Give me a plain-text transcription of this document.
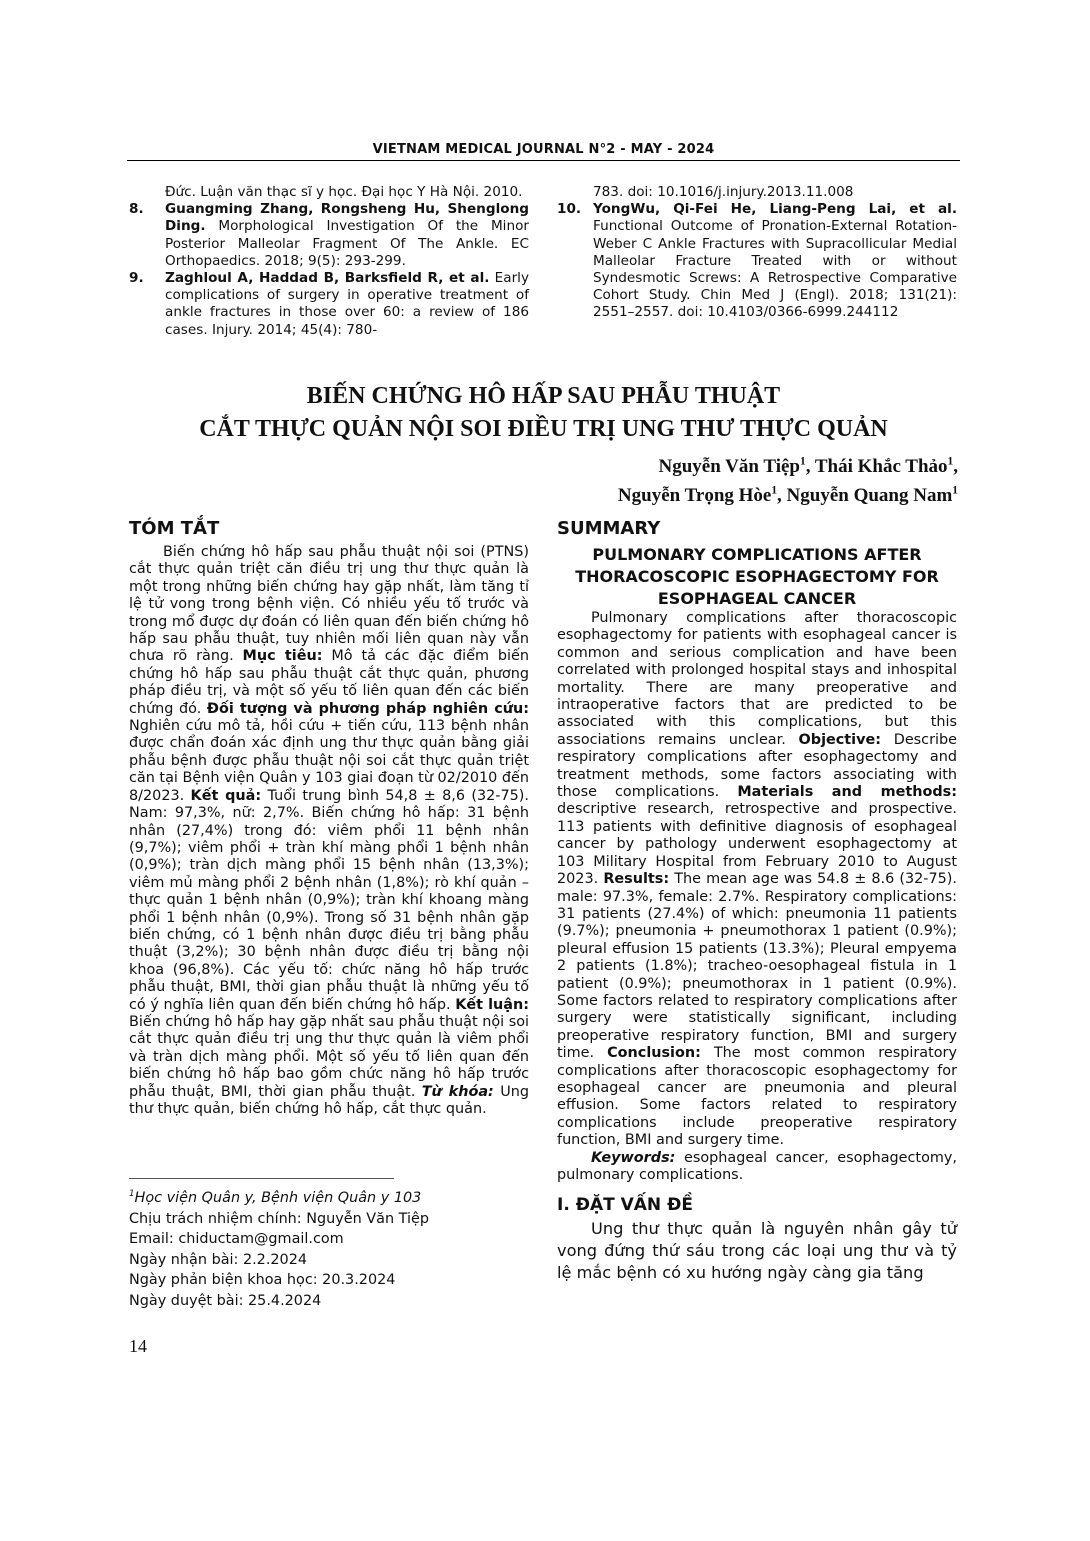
VIETNAM MEDICAL JOURNAL N°2 - MAY - 2024
Đức. Luận văn thạc sĩ y học. Đại học Y Hà Nội. 2010.
8. Guangming Zhang, Rongsheng Hu, Shenglong Ding. Morphological Investigation Of the Minor Posterior Malleolar Fragment Of The Ankle. EC Orthopaedics. 2018; 9(5): 293-299.
9. Zaghloul A, Haddad B, Barksfield R, et al. Early complications of surgery in operative treatment of ankle fractures in those over 60: a review of 186 cases. Injury. 2014; 45(4): 780-
783. doi: 10.1016/j.injury.2013.11.008
10. YongWu, Qi-Fei He, Liang-Peng Lai, et al. Functional Outcome of Pronation-External Rotation-Weber C Ankle Fractures with Supracollicular Medial Malleolar Fracture Treated with or without Syndesmotic Screws: A Retrospective Comparative Cohort Study. Chin Med J (Engl). 2018; 131(21): 2551–2557. doi: 10.4103/0366-6999.244112
BIẾN CHỨNG HÔ HẤP SAU PHẪU THUẬT
CẮT THỰC QUẢN NỘI SOI ĐIỀU TRỊ UNG THƯ THỰC QUẢN
Nguyễn Văn Tiệp$^1$, Thái Khắc Thảo$^1$,
Nguyễn Trọng Hòe$^1$, Nguyễn Quang Nam$^1$
TÓM TẮT

Biến chứng hô hấp sau phẫu thuật nội soi (PTNS) cắt thực quản triệt căn điều trị ung thư thực quản là một trong những biến chứng hay gặp nhất, làm tăng tỉ lệ tử vong trong bệnh viện. Có nhiều yếu tố trước và trong mổ được dự đoán có liên quan đến biến chứng hô hấp sau phẫu thuật, tuy nhiên mối liên quan này vẫn chưa rõ ràng. Mục tiêu: Mô tả các đặc điểm biến chứng hô hấp sau phẫu thuật cắt thực quản, phương pháp điều trị, và một số yếu tố liên quan đến các biến chứng đó. Đối tượng và phương pháp nghiên cứu: Nghiên cứu mô tả, hồi cứu + tiến cứu, 113 bệnh nhân được chẩn đoán xác định ung thư thực quản bằng giải phẫu bệnh được phẫu thuật nội soi cắt thực quản triệt căn tại Bệnh viện Quân y 103 giai đoạn từ 02/2010 đến 8/2023. Kết quả: Tuổi trung bình 54,8 ± 8,6 (32-75). Nam: 97,3%, nữ: 2,7%. Biến chứng hô hấp: 31 bệnh nhân (27,4%) trong đó: viêm phổi 11 bệnh nhân (9,7%); viêm phổi + tràn khí màng phổi 1 bệnh nhân (0,9%); tràn dịch màng phổi 15 bệnh nhân (13,3%); viêm mủ màng phổi 2 bệnh nhân (1,8%); rò khí quản – thực quản 1 bệnh nhân (0,9%); tràn khí khoang màng phổi 1 bệnh nhân (0,9%). Trong số 31 bệnh nhân gặp biến chứng, có 1 bệnh nhân được điều trị bằng phẫu thuật (3,2%); 30 bệnh nhân được điều trị bằng nội khoa (96,8%). Các yếu tố: chức năng hô hấp trước phẫu thuật, BMI, thời gian phẫu thuật là những yếu tố có ý nghĩa liên quan đến biến chứng hô hấp. Kết luận: Biến chứng hô hấp hay gặp nhất sau phẫu thuật nội soi cắt thực quản điều trị ung thư thực quản là viêm phổi và tràn dịch màng phổi. Một số yếu tố liên quan đến biến chứng hô hấp bao gồm chức năng hô hấp trước phẫu thuật, BMI, thời gian phẫu thuật. Từ khóa: Ung thư thực quản, biến chứng hô hấp, cắt thực quản.

$^1$Học viện Quân y, Bệnh viện Quân y 103
Chịu trách nhiệm chính: Nguyễn Văn Tiệp
Email: chiductam@gmail.com
Ngày nhận bài: 2.2.2024
Ngày phản biện khoa học: 20.3.2024
Ngày duyệt bài: 25.4.2024
SUMMARY
PULMONARY COMPLICATIONS AFTER
THORACOSCOPIC ESOPHAGECTOMY FOR
ESOPHAGEAL CANCER

Pulmonary complications after thoracoscopic esophagectomy for patients with esophageal cancer is common and serious complication and have been correlated with prolonged hospital stays and inhospital mortality. There are many preoperative and intraoperative factors that are predicted to be associated with this complications, but this associations remains unclear. Objective: Describe respiratory complications after esophagectomy and treatment methods, some factors associating with those complications. Materials and methods: descriptive research, retrospective and prospective. 113 patients with definitive diagnosis of esophageal cancer by pathology underwent esophagectomy at 103 Military Hospital from February 2010 to August 2023. Results: The mean age was 54.8 ± 8.6 (32-75). male: 97.3%, female: 2.7%. Respiratory complications: 31 patients (27.4%) of which: pneumonia 11 patients (9.7%); pneumonia + pneumothorax 1 patient (0.9%); pleural effusion 15 patients (13.3%); Pleural empyema 2 patients (1.8%); tracheo-oesophageal fistula in 1 patient (0.9%); pneumothorax in 1 patient (0.9%). Some factors related to respiratory complications after surgery were statistically significant, including preoperative respiratory function, BMI and surgery time. Conclusion: The most common respiratory complications after thoracoscopic esophagectomy for esophageal cancer are pneumonia and pleural effusion. Some factors related to respiratory complications include preoperative respiratory function, BMI and surgery time.

Keywords: esophageal cancer, esophagectomy, pulmonary complications.

I. ĐẶT VẤN ĐỀ

Ung thư thực quản là nguyên nhân gây tử vong đứng thứ sáu trong các loại ung thư và tỷ lệ mắc bệnh có xu hướng ngày càng gia tăng

14
